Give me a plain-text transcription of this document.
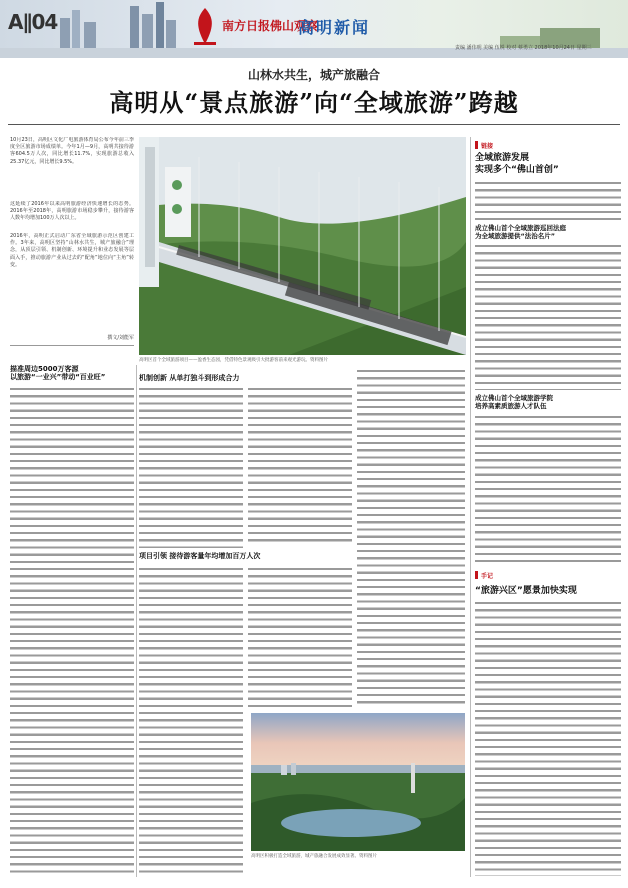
A∥04	南方日报佛山观察
高明新闻
责编 潘伟明 美编 伍锐 校对 蔡勇立 2018年10月24日 星期三
山林水共生，城产旅融合
高明从“景点旅游”向“全域旅游”跨越
10月23日，高明区文化广电旅游体育局公布今年前三季度全区旅游市场成绩单。今年1月—9月，高明共接待游客604.5万人次，同比增长11.7%，实现旅游总收入25.37亿元，同比增长9.5%。
这延续了2016年以来高明旅游经济快速增长的态势。2016年至2018年，高明旅游市场稳步攀升，接待游客人数年均增加100万人次以上。
2016年，高明正式启动广东省全域旅游示范区创建工作。3年来，高明区坚持“山林水共生，城产旅融合”理念，从顶层引领、机制创新、环境提升和业态发展等层面入手，推动旅游产业从过去的“配角”地位向“主角”转变。
撰文/刘能军
高明区首个全域旅游项目——盈香生态园，凭借特色景观吸引大批游客前来观光游玩。资料图片
描准周边5000万客源
以旅游“一业兴”带动“百业旺”	机制创新 从单打独斗到形成合力
项目引领 接待游客量年均增加百万人次
高明区积极打造全域旅游，城产旅融合发展成效显著。资料图片
链接
全域旅游发展
实现多个“佛山首创”
成立佛山首个全域旅游巡回法庭
为全域旅游提供“法治名片”
成立佛山首个全域旅游学院
培养高素质旅游人才队伍
手记
“旅游兴区”愿景加快实现
